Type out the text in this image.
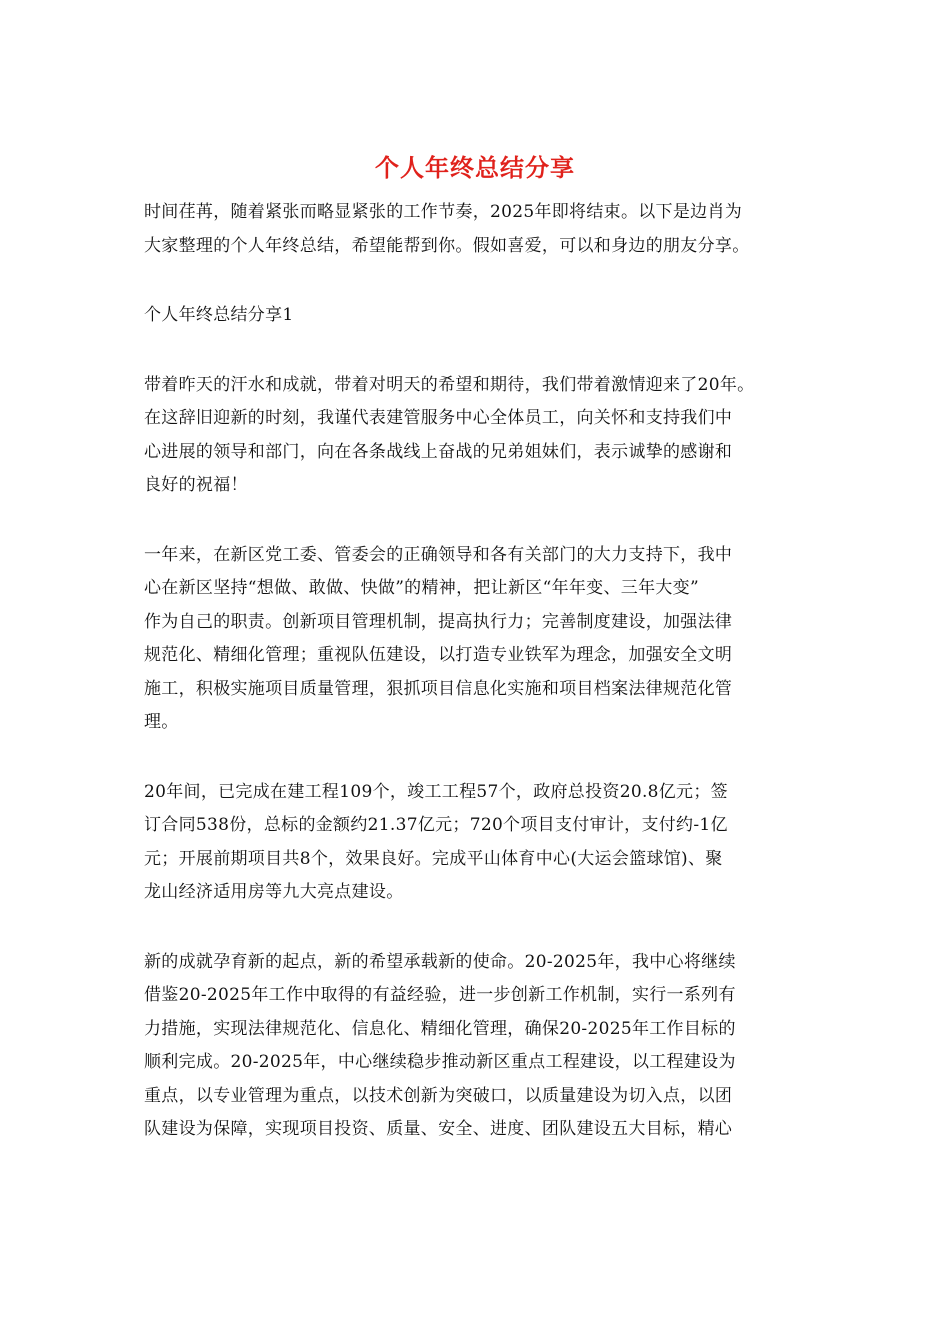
个人年终总结分享
时间荏苒，随着紧张而略显紧张的工作节奏，2025年即将结束。以下是边肖为
大家整理的个人年终总结，希望能帮到你。假如喜爱，可以和身边的朋友分享。
个人年终总结分享1
带着昨天的汗水和成就，带着对明天的希望和期待，我们带着激情迎来了20年。
在这辞旧迎新的时刻，我谨代表建管服务中心全体员工，向关怀和支持我们中
心进展的领导和部门，向在各条战线上奋战的兄弟姐妹们，表示诚挚的感谢和
良好的祝福！
一年来，在新区党工委、管委会的正确领导和各有关部门的大力支持下，我中
心在新区坚持“想做、敢做、快做”的精神，把让新区“年年变、三年大变”
作为自己的职责。创新项目管理机制，提高执行力；完善制度建设，加强法律
规范化、精细化管理；重视队伍建设，以打造专业铁军为理念，加强安全文明
施工，积极实施项目质量管理，狠抓项目信息化实施和项目档案法律规范化管
理。
20年间，已完成在建工程109个，竣工工程57个，政府总投资20.8亿元；签
订合同538份，总标的金额约21.37亿元；720个项目支付审计，支付约-1亿
元；开展前期项目共8个，效果良好。完成平山体育中心(大运会篮球馆)、聚
龙山经济适用房等九大亮点建设。
新的成就孕育新的起点，新的希望承载新的使命。20-2025年，我中心将继续
借鉴20-2025年工作中取得的有益经验，进一步创新工作机制，实行一系列有
力措施，实现法律规范化、信息化、精细化管理，确保20-2025年工作目标的
顺利完成。20-2025年，中心继续稳步推动新区重点工程建设，以工程建设为
重点，以专业管理为重点，以技术创新为突破口，以质量建设为切入点，以团
队建设为保障，实现项目投资、质量、安全、进度、团队建设五大目标，精心
